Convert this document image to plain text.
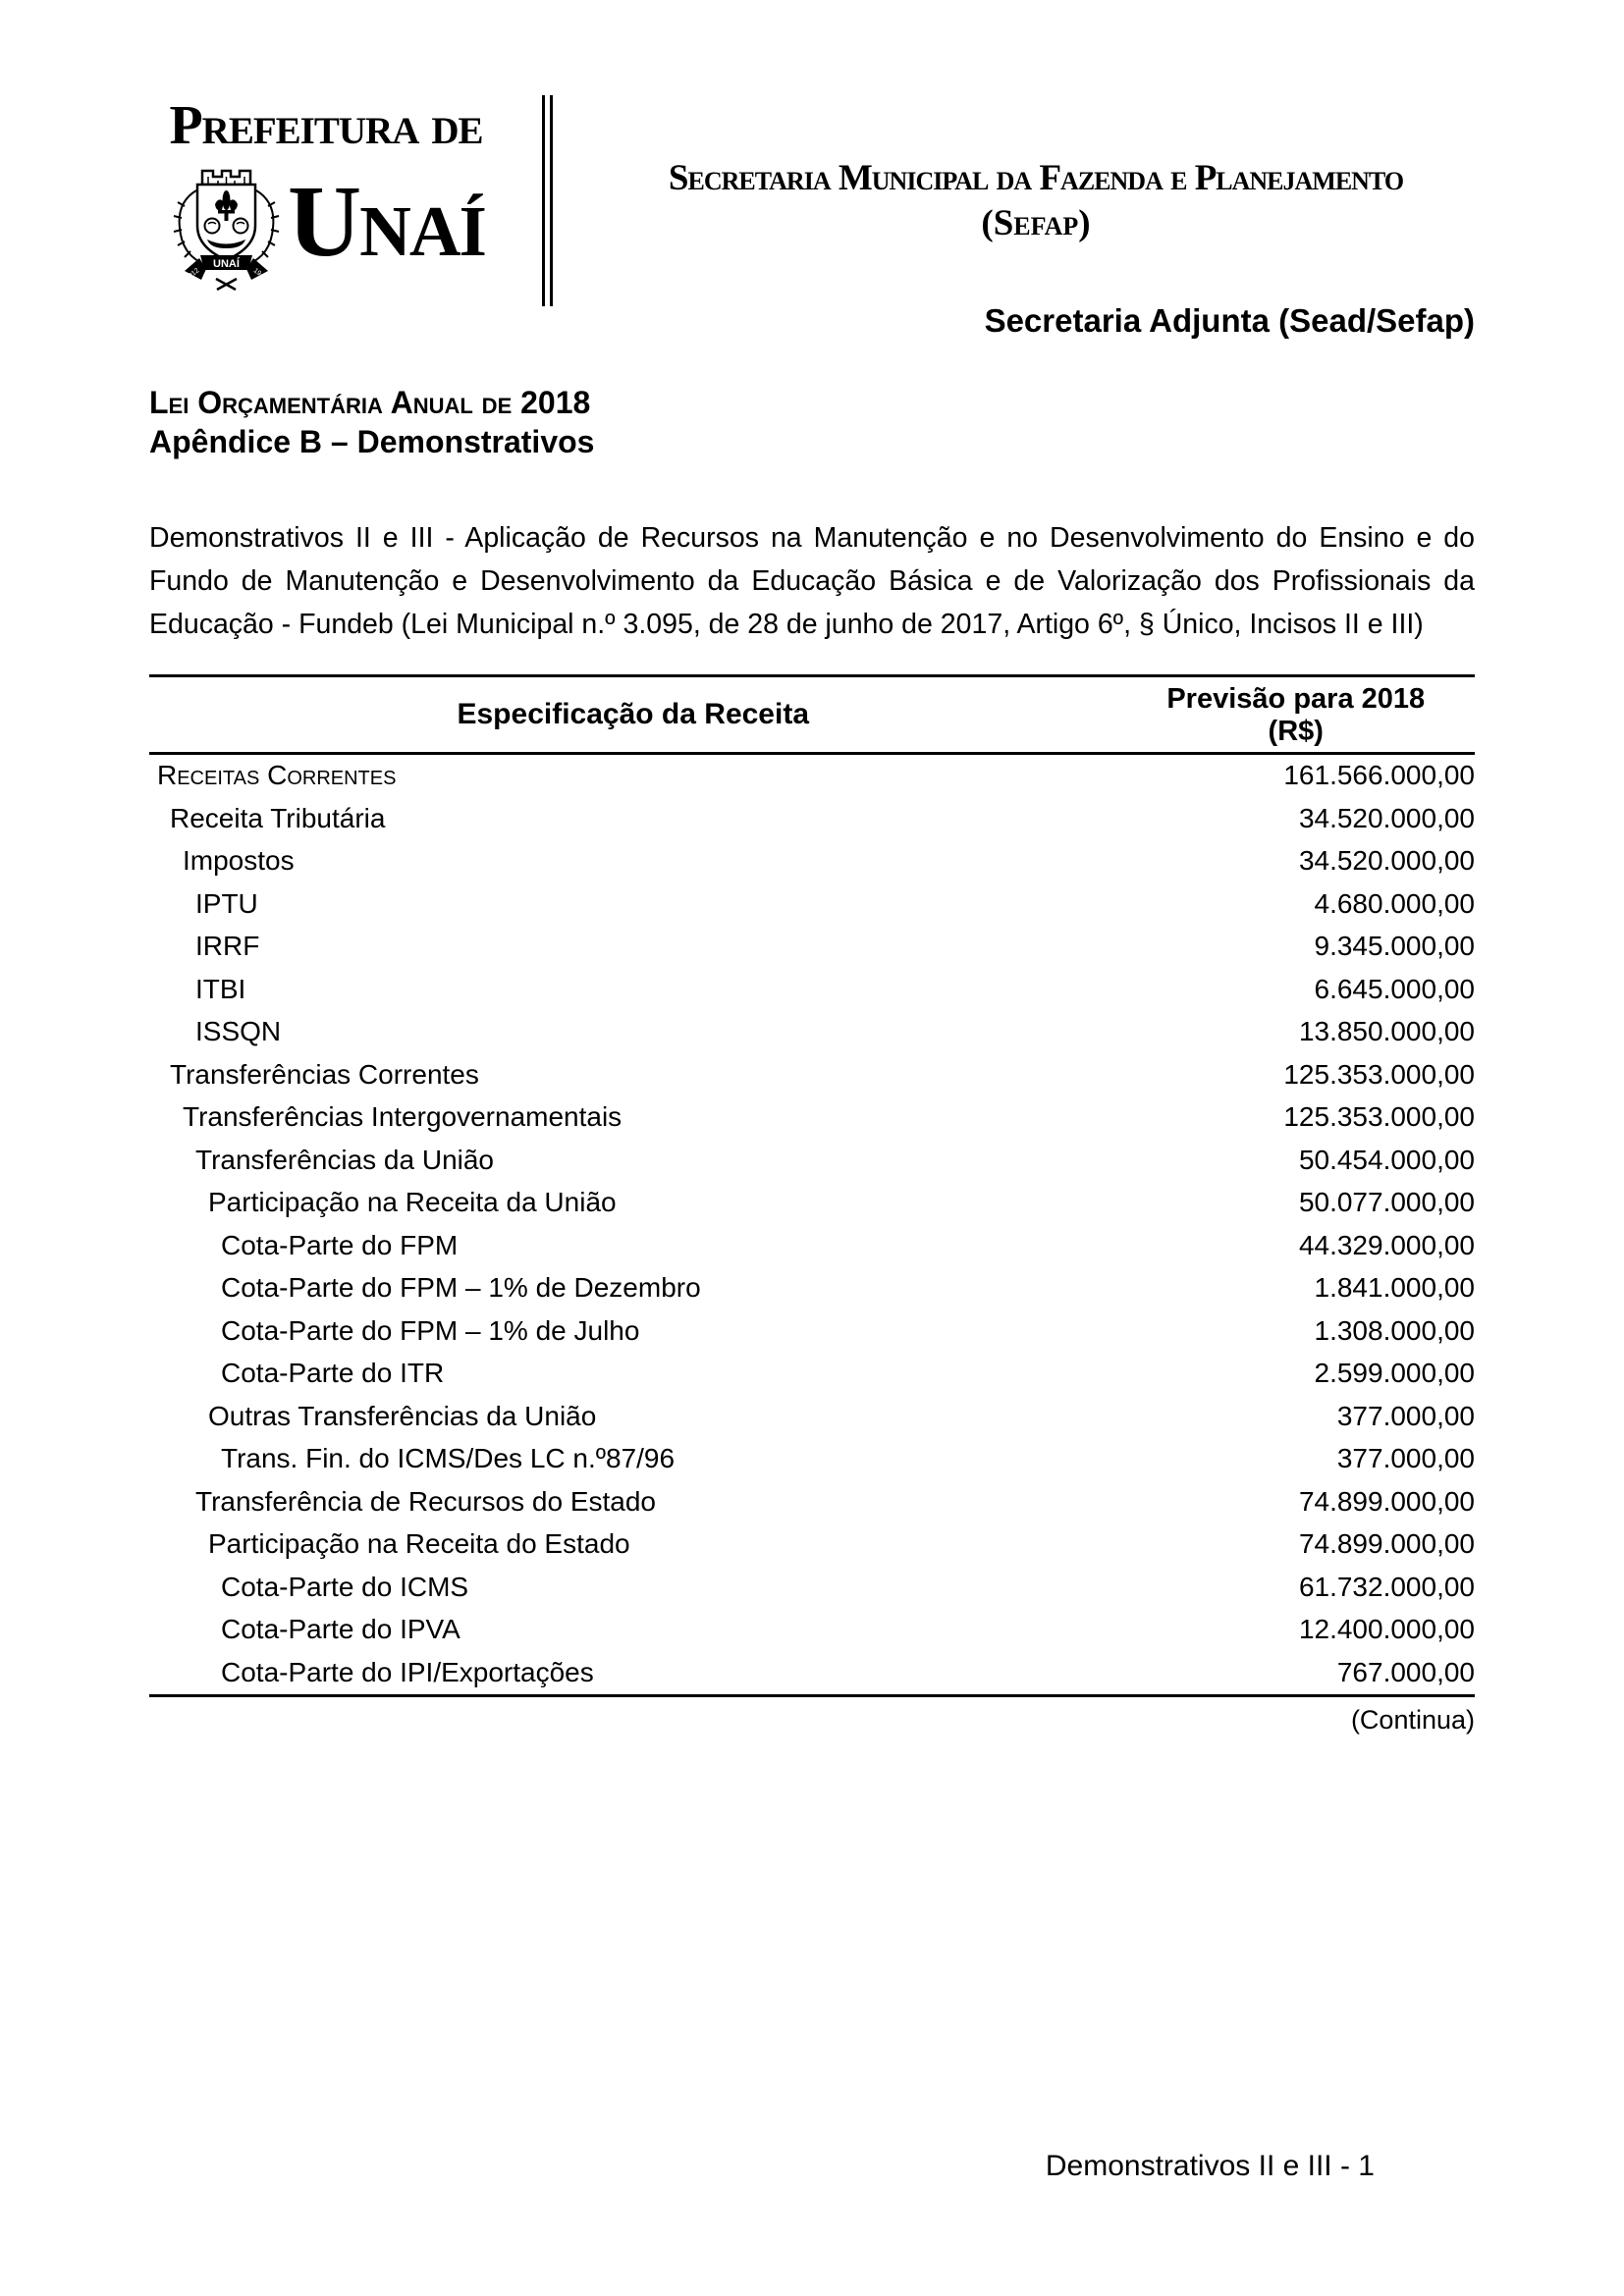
Prefeitura de
UNAÍ
3012	1943 Unaí	Secretaria Municipal da Fazenda e Planejamento
(Sefap)
Secretaria Adjunta (Sead/Sefap)
Lei Orçamentária Anual de 2018
Apêndice B – Demonstrativos

Demonstrativos II e III - Aplicação de Recursos na Manutenção e no Desenvolvimento do Ensino e do Fundo de Manutenção e Desenvolvimento da Educação Básica e de Valorização dos Profissionais da Educação - Fundeb (Lei Municipal n.º 3.095, de 28 de junho de 2017, Artigo 6º, § Único, Incisos II e III)

Especificação da Receita	Previsão para 2018
(R$)

Receitas Correntes	161.566.000,00
Receita Tributária	34.520.000,00
Impostos	34.520.000,00
IPTU	4.680.000,00
IRRF	9.345.000,00
ITBI	6.645.000,00
ISSQN	13.850.000,00
Transferências Correntes	125.353.000,00
Transferências Intergovernamentais	125.353.000,00
Transferências da União	50.454.000,00
Participação na Receita da União	50.077.000,00
Cota-Parte do FPM	44.329.000,00
Cota-Parte do FPM – 1% de Dezembro	1.841.000,00
Cota-Parte do FPM – 1% de Julho	1.308.000,00
Cota-Parte do ITR	2.599.000,00
Outras Transferências da União	377.000,00
Trans. Fin. do ICMS/Des LC n.º87/96	377.000,00
Transferência de Recursos do Estado	74.899.000,00
Participação na Receita do Estado	74.899.000,00
Cota-Parte do ICMS	61.732.000,00
Cota-Parte do IPVA	12.400.000,00
Cota-Parte do IPI/Exportações	767.000,00
(Continua)
Demonstrativos II e III - 1
